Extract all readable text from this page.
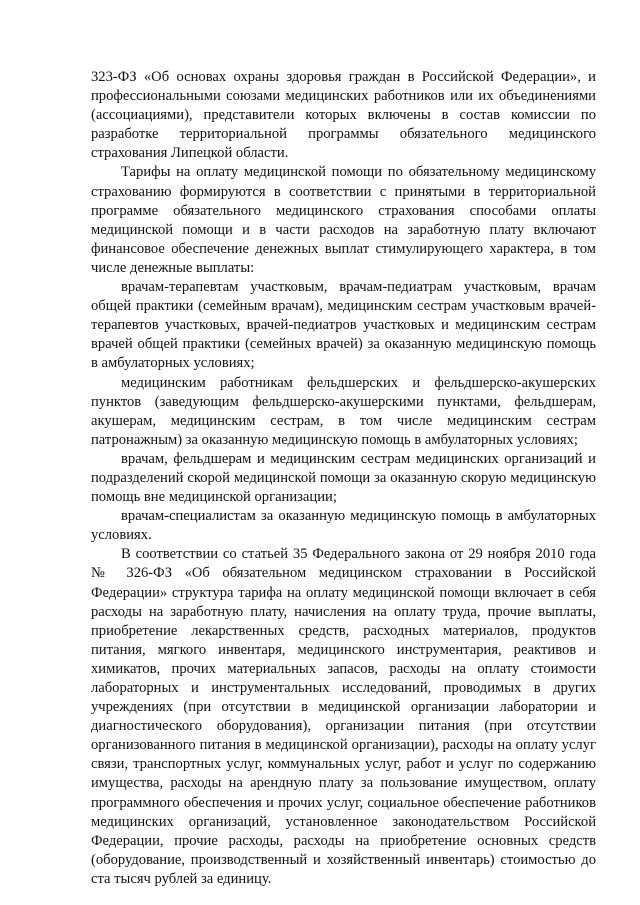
323-ФЗ «Об основах охраны здоровья граждан в Российской Федерации», и профессиональными союзами медицинских работников или их объединениями (ассоциациями), представители которых включены в состав комиссии по разработке территориальной программы обязательного медицинского страхования Липецкой области.

Тарифы на оплату медицинской помощи по обязательному медицинскому страхованию формируются в соответствии с принятыми в территориальной программе обязательного медицинского страхования способами оплаты медицинской помощи и в части расходов на заработную плату включают финансовое обеспечение денежных выплат стимулирующего характера, в том числе денежные выплаты:

врачам-терапевтам участковым, врачам-педиатрам участковым, врачам общей практики (семейным врачам), медицинским сестрам участковым врачей-терапевтов участковых, врачей-педиатров участковых и медицинским сестрам врачей общей практики (семейных врачей) за оказанную медицинскую помощь в амбулаторных условиях;

медицинским работникам фельдшерских и фельдшерско-акушерских пунктов (заведующим фельдшерско-акушерскими пунктами, фельдшерам, акушерам, медицинским сестрам, в том числе медицинским сестрам патронажным) за оказанную медицинскую помощь в амбулаторных условиях;

врачам, фельдшерам и медицинским сестрам медицинских организаций и подразделений скорой медицинской помощи за оказанную скорую медицинскую помощь вне медицинской организации;

врачам-специалистам за оказанную медицинскую помощь в амбулаторных условиях.

В соответствии со статьей 35 Федерального закона от 29 ноября 2010 года № 326-ФЗ «Об обязательном медицинском страховании в Российской Федерации» структура тарифа на оплату медицинской помощи включает в себя расходы на заработную плату, начисления на оплату труда, прочие выплаты, приобретение лекарственных средств, расходных материалов, продуктов питания, мягкого инвентаря, медицинского инструментария, реактивов и химикатов, прочих материальных запасов, расходы на оплату стоимости лабораторных и инструментальных исследований, проводимых в других учреждениях (при отсутствии в медицинской организации лаборатории и диагностического оборудования), организации питания (при отсутствии организованного питания в медицинской организации), расходы на оплату услуг связи, транспортных услуг, коммунальных услуг, работ и услуг по содержанию имущества, расходы на арендную плату за пользование имуществом, оплату программного обеспечения и прочих услуг, социальное обеспечение работников медицинских организаций, установленное законодательством Российской Федерации, прочие расходы, расходы на приобретение основных средств (оборудование, производственный и хозяйственный инвентарь) стоимостью до ста тысяч рублей за единицу.
